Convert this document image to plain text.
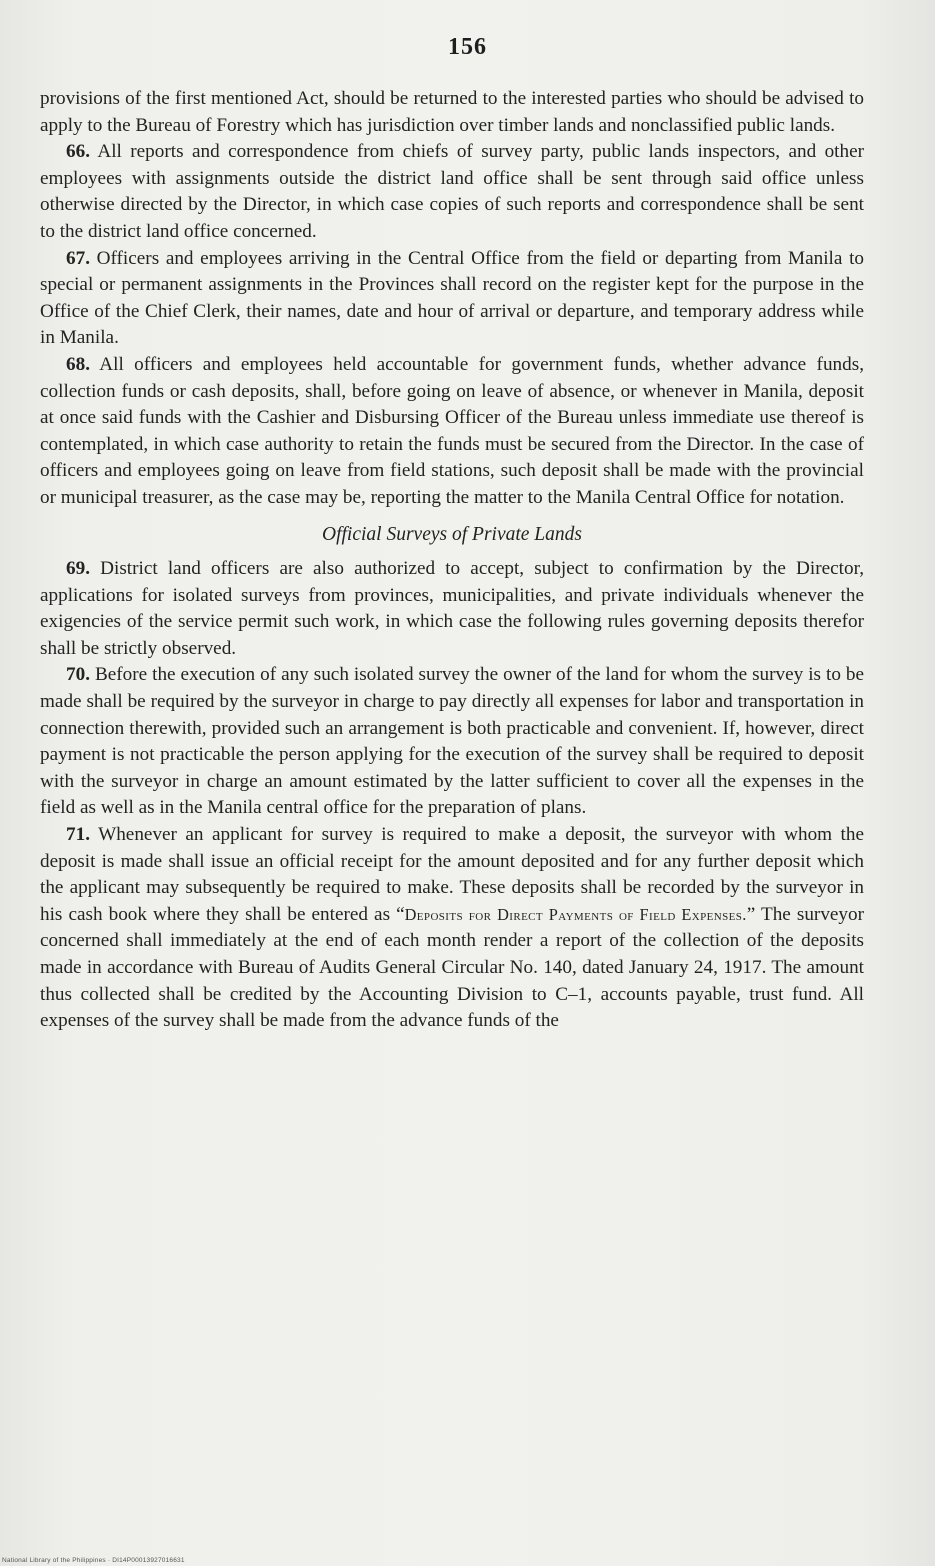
156

provisions of the first mentioned Act, should be returned to the interested parties who should be advised to apply to the Bureau of Forestry which has jurisdiction over timber lands and nonclassified public lands.

66. All reports and correspondence from chiefs of survey party, public lands inspectors, and other employees with assignments outside the district land office shall be sent through said office unless otherwise directed by the Director, in which case copies of such reports and correspondence shall be sent to the district land office concerned.

67. Officers and employees arriving in the Central Office from the field or departing from Manila to special or permanent assignments in the Provinces shall record on the register kept for the purpose in the Office of the Chief Clerk, their names, date and hour of arrival or departure, and temporary address while in Manila.

68. All officers and employees held accountable for government funds, whether advance funds, collection funds or cash deposits, shall, before going on leave of absence, or whenever in Manila, deposit at once said funds with the Cashier and Disbursing Officer of the Bureau unless immediate use thereof is contemplated, in which case authority to retain the funds must be secured from the Director. In the case of officers and employees going on leave from field stations, such deposit shall be made with the provincial or municipal treasurer, as the case may be, reporting the matter to the Manila Central Office for notation.

Official Surveys of Private Lands

69. District land officers are also authorized to accept, subject to confirmation by the Director, applications for isolated surveys from provinces, municipalities, and private individuals whenever the exigencies of the service permit such work, in which case the following rules governing deposits therefor shall be strictly observed.

70. Before the execution of any such isolated survey the owner of the land for whom the survey is to be made shall be required by the surveyor in charge to pay directly all expenses for labor and transportation in connection therewith, provided such an arrangement is both practicable and convenient. If, however, direct payment is not practicable the person applying for the execution of the survey shall be required to deposit with the surveyor in charge an amount estimated by the latter sufficient to cover all the expenses in the field as well as in the Manila central office for the preparation of plans.

71. Whenever an applicant for survey is required to make a deposit, the surveyor with whom the deposit is made shall issue an official receipt for the amount deposited and for any further deposit which the applicant may subsequently be required to make. These deposits shall be recorded by the surveyor in his cash book where they shall be entered as “Deposits for Direct Payments of Field Expenses.” The surveyor concerned shall immediately at the end of each month render a report of the collection of the deposits made in accordance with Bureau of Audits General Circular No. 140, dated January 24, 1917. The amount thus collected shall be credited by the Accounting Division to C–1, accounts payable, trust fund. All expenses of the survey shall be made from the advance funds of the

National Library of the Philippines · DI14P00013927016631
